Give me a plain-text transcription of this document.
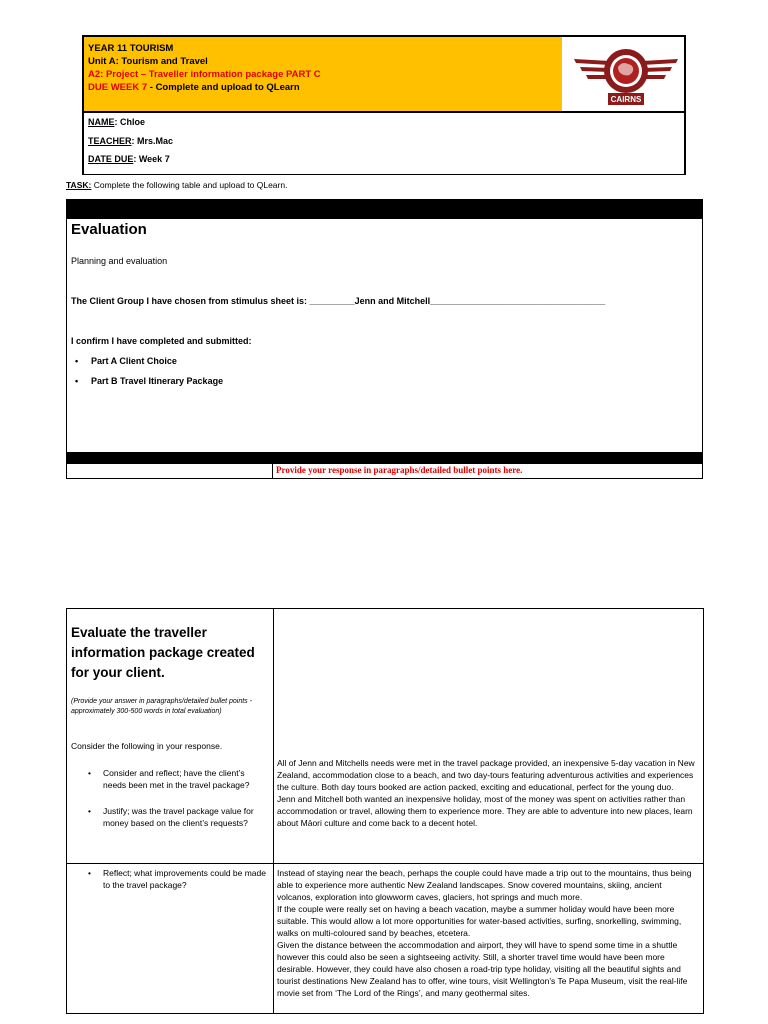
YEAR 11 TOURISM
Unit A: Tourism and Travel
A2: Project – Traveller information package PART C
DUE WEEK 7 - Complete and upload to QLearn
CAIRNS
NAME: Chloe
TEACHER: Mrs.Mac
DATE DUE: Week 7
TASK: Complete the following table and upload to QLearn.
Evaluation
Planning and evaluation
The Client Group I have chosen from stimulus sheet is: _________Jenn and Mitchell___________________________________
I confirm I have completed and submitted:
• Part A Client Choice
• Part B Travel Itinerary Package
Provide your response in paragraphs/detailed bullet points here.
Evaluate the traveller information package created for your client.
(Provide your answer in paragraphs/detailed bullet points - approximately 300-500 words in total evaluation)
Consider the following in your response.
• Consider and reflect; have the client’s needs been met in the travel package?
• Justify; was the travel package value for money based on the client’s requests?
• Reflect; what improvements could be made to the travel package?

All of Jenn and Mitchells needs were met in the travel package provided, an inexpensive 5-day vacation in New Zealand, accommodation close to a beach, and two day-tours featuring adventurous activities and experiences the culture. Both day tours booked are action packed, exciting and educational, perfect for the young duo.

Jenn and Mitchell both wanted an inexpensive holiday, most of the money was spent on activities rather than accommodation or travel, allowing them to experience more. They are able to adventure into new places, learn about Māori culture and come back to a decent hotel.

Instead of staying near the beach, perhaps the couple could have made a trip out to the mountains, thus being able to experience more authentic New Zealand landscapes. Snow covered mountains, skiing, ancient volcanos, exploration into glowworm caves, glaciers, hot springs and much more.

If the couple were really set on having a beach vacation, maybe a summer holiday would have been more suitable. This would allow a lot more opportunities for water-based activities, surfing, snorkelling, swimming, walks on multi-coloured sand by beaches, etcetera.

Given the distance between the accommodation and airport, they will have to spend some time in a shuttle however this could also be seen a sightseeing activity. Still, a shorter travel time would have been more desirable. However, they could have also chosen a road-trip type holiday, visiting all the beautiful sights and tourist destinations New Zealand has to offer, wine tours, visit Wellington’s Te Papa Museum, visit the real-life movie set from ‘The Lord of the Rings’, and many geothermal sites.
